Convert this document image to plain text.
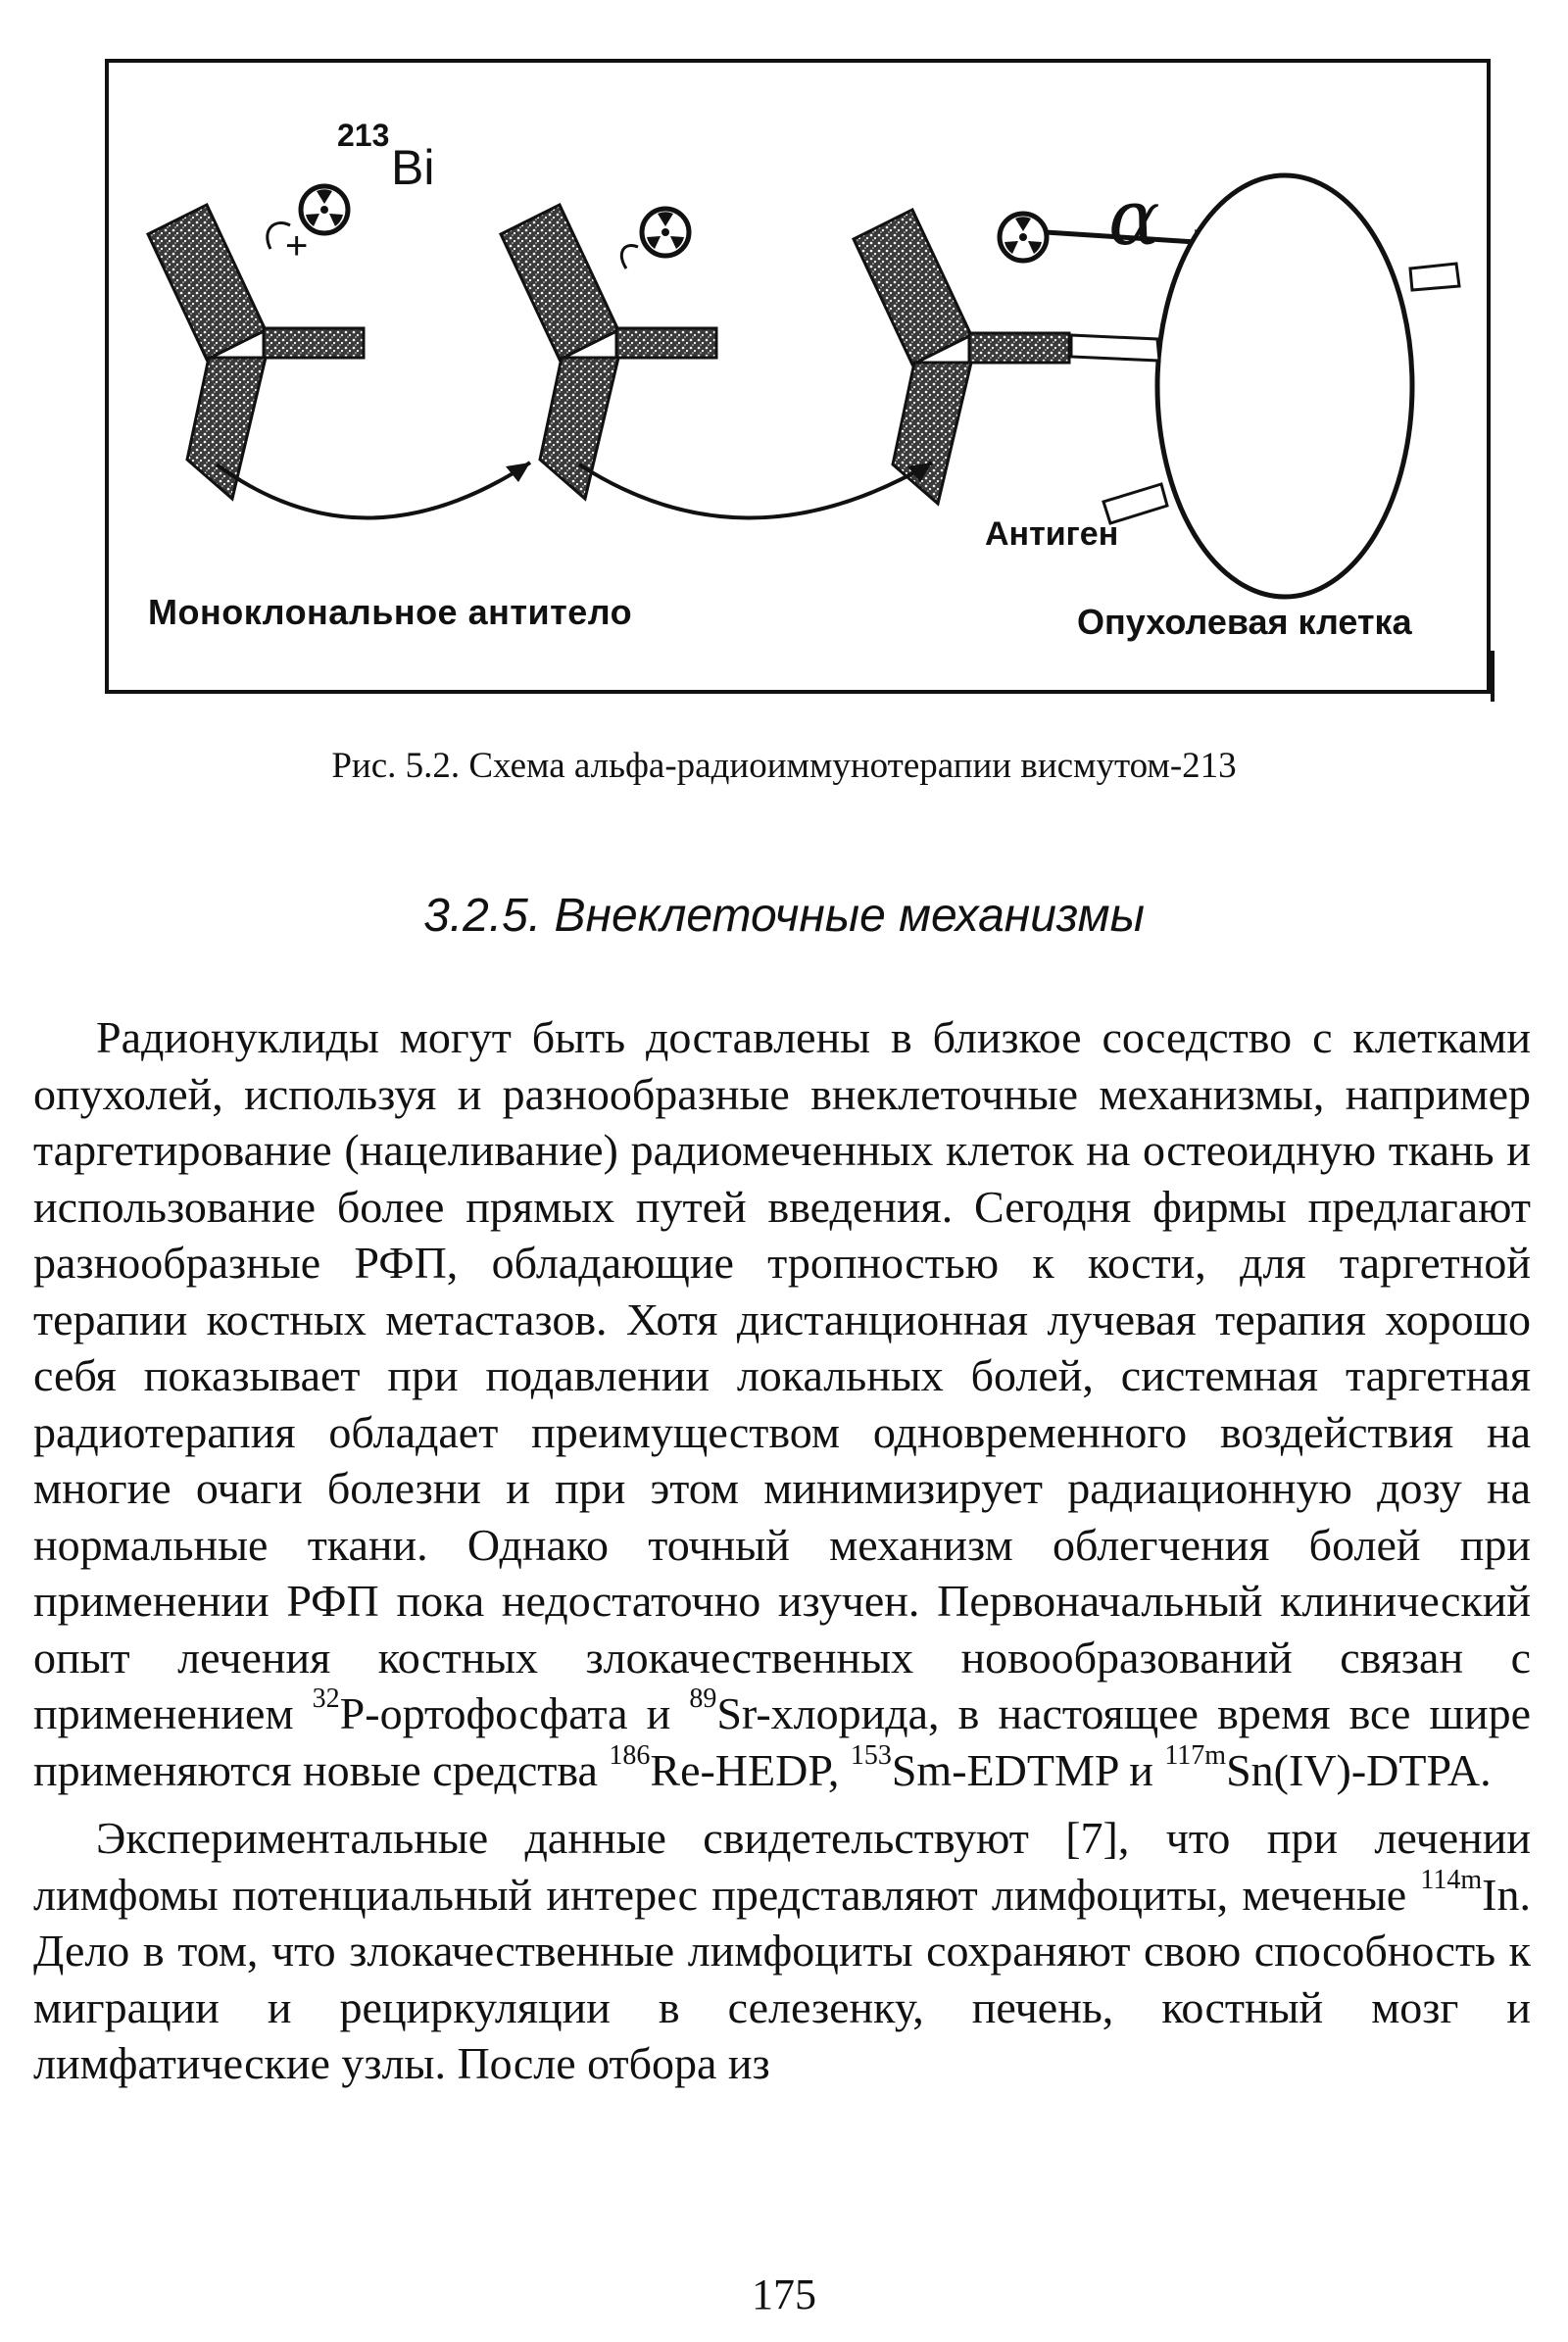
213
Bi
+	α
Антиген
Моноклональное антитело	Опухолевая клетка

Рис. 5.2. Схема альфа-радиоиммунотерапии висмутом-213

3.2.5. Внеклеточные механизмы

Радионуклиды могут быть доставлены в близкое соседство с клетками опухолей, используя и разнообразные внеклеточные механизмы, например таргетирование (нацеливание) радиомеченных клеток на остеоидную ткань и использование более прямых путей введения. Сегодня фирмы предлагают разнообразные РФП, обладающие тропностью к кости, для таргетной терапии костных метастазов. Хотя дистанционная лучевая терапия хорошо себя показывает при подавлении локальных болей, системная таргетная радиотерапия обладает преимуществом одновременного воздействия на многие очаги болезни и при этом минимизирует радиационную дозу на нормальные ткани. Однако точный механизм облегчения болей при применении РФП пока недостаточно изучен. Первоначальный клинический опыт лечения костных злокачественных новообразований связан с применением $^{32}$P-ортофосфата и $^{89}$Sr-хлорида, в настоящее время все шире применяются новые средства $^{186}$Re-HEDP, $^{153}$Sm-EDTMP и $^{117m}$Sn(IV)-DTPA.

Экспериментальные данные свидетельствуют [7], что при лечении лимфомы потенциальный интерес представляют лимфоциты, меченые $^{114m}$In. Дело в том, что злокачественные лимфоциты сохраняют свою способность к миграции и рециркуляции в селезенку, печень, костный мозг и лимфатические узлы. После отбора из

175
